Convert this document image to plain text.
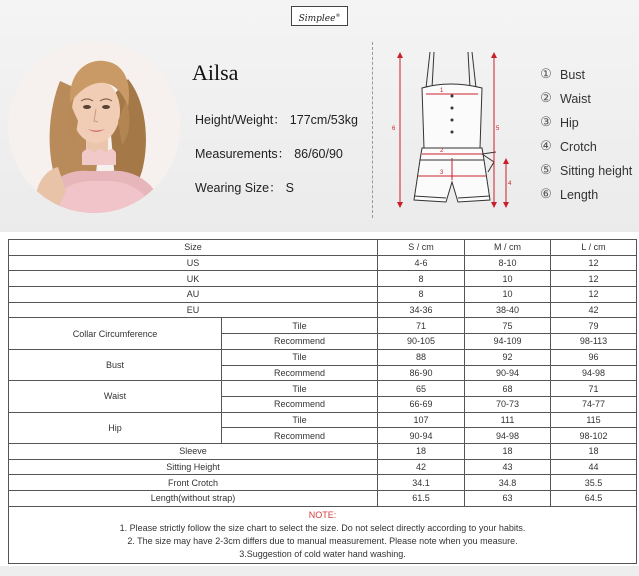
Simplee®
Ailsa
Height/Weight： 177cm/53kg
Measurements： 86/60/90
Wearing Size： S
1
2
3
4
5
6
① Bust
② Waist
③ Hip
④ Crotch
⑤ Sitting height
⑥ Length
Size		S / cm	M / cm	L / cm
US		4-6	8-10	12
UK		8	10	12
AU		8	10	12
EU		34-36	38-40	42
Collar Circumference	Tile	71	75	79
	Recommend	90-105	94-109	98-113
Bust	Tile	88	92	96
	Recommend	86-90	90-94	94-98
Waist	Tile	65	68	71
	Recommend	66-69	70-73	74-77
Hip	Tile	107	111	115
	Recommend	90-94	94-98	98-102
Sleeve		18	18	18
Sitting Height		42	43	44
Front Crotch		34.1	34.8	35.5
Length(without strap)		61.5	63	64.5

NOTE:
1. Please strictly follow the size chart to select the size. Do not select directly according to your habits.
2. The size may have 2-3cm differs due to manual measurement. Please note when you measure.
3.Suggestion of cold water hand washing.				
